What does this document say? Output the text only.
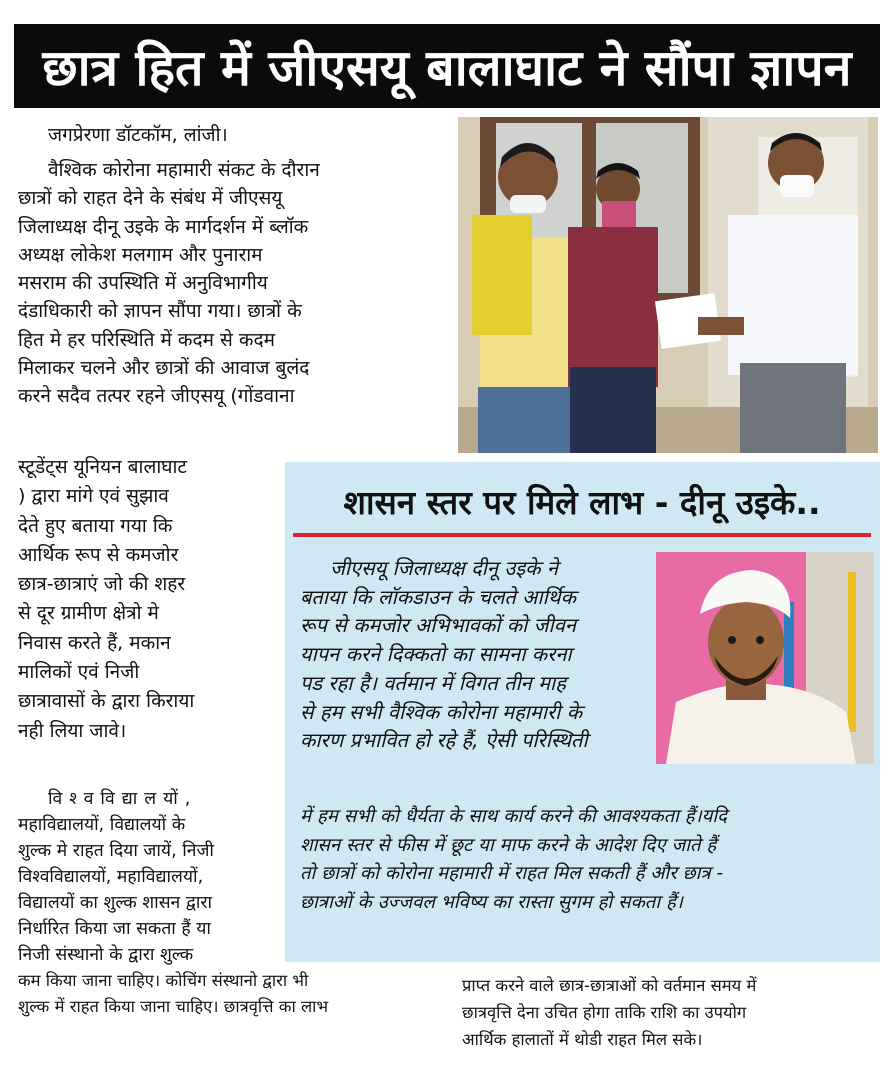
छात्र हित में जीएसयू बालाघाट ने सौंपा ज्ञापन
जगप्रेरणा डॉटकॉम, लांजी।

वैश्विक कोरोना महामारी संकट के दौरान

छात्रों को राहत देने के संबंध में जीएसयू

जिलाध्यक्ष दीनू उइके के मार्गदर्शन में ब्लॉक

अध्यक्ष लोकेश मलगाम और पुनाराम

मसराम की उपस्थिति में अनुविभागीय

दंडाधिकारी को ज्ञापन सौंपा गया। छात्रों के

हित मे हर परिस्थिति में कदम से कदम

मिलाकर चलने और छात्रों की आवाज बुलंद

करने सदैव तत्पर रहने जीएसयू (गोंडवाना

स्टूडेंट्स यूनियन बालाघाट

) द्वारा मांगे एवं सुझाव

देते हुए बताया गया कि

आर्थिक रूप से कमजोर

छात्र-छात्राएं जो की शहर

से दूर ग्रामीण क्षेत्रो मे

निवास करते हैं, मकान

मालिकों एवं निजी

छात्रावासों के द्वारा किराया

नही लिया जावे।

विश्वविद्यालयों,

महाविद्यालयों, विद्यालयों के

शुल्क मे राहत दिया जायें, निजी

विश्वविद्यालयों, महाविद्यालयों,

विद्यालयों का शुल्क शासन द्वारा

निर्धारित किया जा सकता हैं या

निजी संस्थानो के द्वारा शुल्क

कम किया जाना चाहिए। कोचिंग संस्थानो द्वारा भी

शुल्क में राहत किया जाना चाहिए। छात्रवृत्ति का लाभ

प्राप्त करने वाले छात्र-छात्राओं को वर्तमान समय में

छात्रवृत्ति देना उचित होगा ताकि राशि का उपयोग

आर्थिक हालातों में थोडी राहत मिल सके।

शासन स्तर पर मिले लाभ - दीनू उइके..

जीएसयू जिलाध्यक्ष दीनू उइके ने

बताया कि लॉकडाउन के चलते आर्थिक

रूप से कमजोर अभिभावकों को जीवन

यापन करने दिक्कतो का सामना करना

पड रहा है। वर्तमान में विगत तीन माह

से हम सभी वैश्विक कोरोना महामारी के

कारण प्रभावित हो रहे हैं, ऐसी परिस्थिती

में हम सभी को धैर्यता के साथ कार्य करने की आवश्यकता हैं।यदि

शासन स्तर से फीस में छूट या माफ करने के आदेश दिए जाते हैं

तो छात्रों को कोरोना महामारी में राहत मिल सकती हैं और छात्र -

छात्राओं के उज्जवल भविष्य का रास्ता सुगम हो सकता हैं।
